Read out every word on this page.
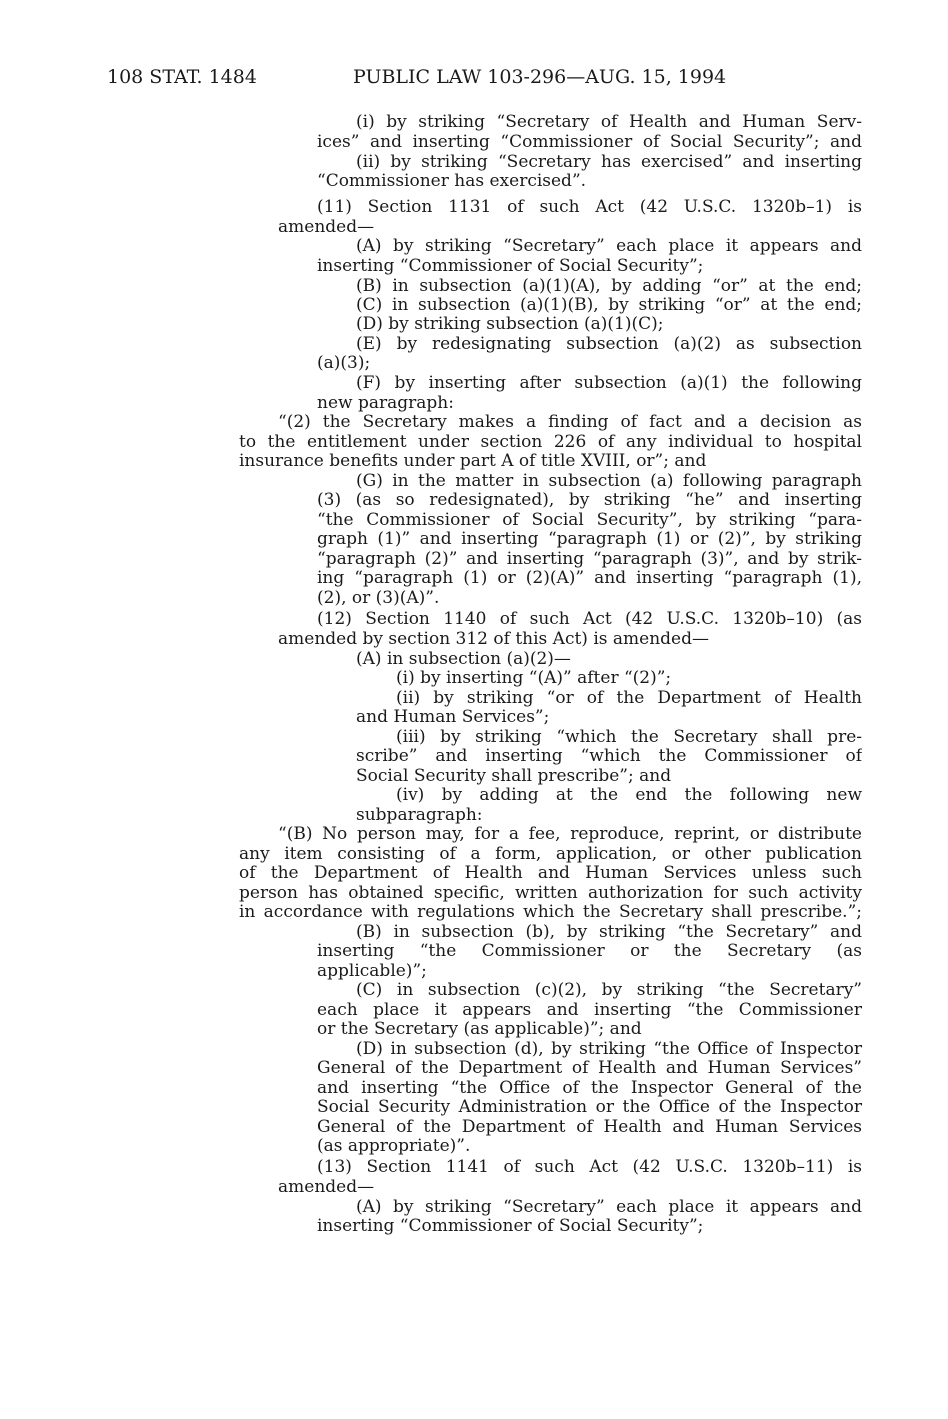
108 STAT. 1484	PUBLIC LAW 103-296—AUG. 15, 1994
(i) by striking “Secretary of Health and Human Serv-
ices” and inserting “Commissioner of Social Security”; and
(ii) by striking “Secretary has exercised” and inserting
“Commissioner has exercised”.
(11) Section 1131 of such Act (42 U.S.C. 1320b–1) is
amended—
(A) by striking “Secretary” each place it appears and
inserting “Commissioner of Social Security”;
(B) in subsection (a)(1)(A), by adding “or” at the end;
(C) in subsection (a)(1)(B), by striking “or” at the end;
(D) by striking subsection (a)(1)(C);
(E) by redesignating subsection (a)(2) as subsection
(a)(3);
(F) by inserting after subsection (a)(1) the following
new paragraph:
“(2) the Secretary makes a finding of fact and a decision as
to the entitlement under section 226 of any individual to hospital
insurance benefits under part A of title XVIII, or”; and
(G) in the matter in subsection (a) following paragraph
(3) (as so redesignated), by striking “he” and inserting
“the Commissioner of Social Security”, by striking “para-
graph (1)” and inserting “paragraph (1) or (2)”, by striking
“paragraph (2)” and inserting “paragraph (3)”, and by strik-
ing “paragraph (1) or (2)(A)” and inserting “paragraph (1),
(2), or (3)(A)”.
(12) Section 1140 of such Act (42 U.S.C. 1320b–10) (as
amended by section 312 of this Act) is amended—
(A) in subsection (a)(2)—
(i) by inserting “(A)” after “(2)”;
(ii) by striking “or of the Department of Health
and Human Services”;
(iii) by striking “which the Secretary shall pre-
scribe” and inserting “which the Commissioner of
Social Security shall prescribe”; and
(iv) by adding at the end the following new
subparagraph:
“(B) No person may, for a fee, reproduce, reprint, or distribute
any item consisting of a form, application, or other publication
of the Department of Health and Human Services unless such
person has obtained specific, written authorization for such activity
in accordance with regulations which the Secretary shall prescribe.”;
(B) in subsection (b), by striking “the Secretary” and
inserting “the Commissioner or the Secretary (as
applicable)”;
(C) in subsection (c)(2), by striking “the Secretary”
each place it appears and inserting “the Commissioner
or the Secretary (as applicable)”; and
(D) in subsection (d), by striking “the Office of Inspector
General of the Department of Health and Human Services”
and inserting “the Office of the Inspector General of the
Social Security Administration or the Office of the Inspector
General of the Department of Health and Human Services
(as appropriate)”.
(13) Section 1141 of such Act (42 U.S.C. 1320b–11) is
amended—
(A) by striking “Secretary” each place it appears and
inserting “Commissioner of Social Security”;
